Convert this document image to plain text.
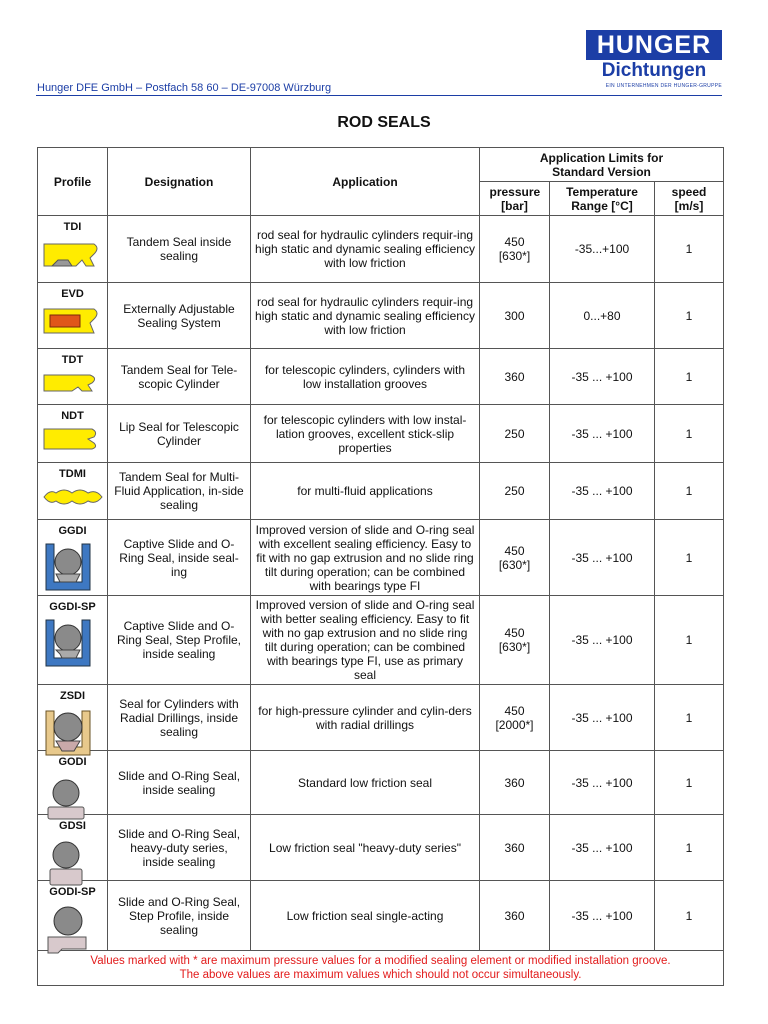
HUNGER
Dichtungen
EIN UNTERNEHMEN DER HUNGER-GRUPPE
Hunger DFE GmbH – Postfach 58 60 – DE-97008 Würzburg
ROD SEALS
Profile	Designation	Application	Application Limits for Standard Version		

			pressure [bar]	Temperature Range [°C]	speed [m/s]

TDI	Tandem Seal inside sealing	rod seal for hydraulic cylinders requir-ing high static and dynamic sealing efficiency with low friction	450 [630*]	-35...+100	1

EVD	Externally Adjustable Sealing System	rod seal for hydraulic cylinders requir-ing high static and dynamic sealing efficiency with low friction	300	0...+80	1

TDT	Tandem Seal for Tele-scopic Cylinder	for telescopic cylinders, cylinders with low installation grooves	360	-35 ... +100	1

NDT	Lip Seal for Telescopic Cylinder	for telescopic cylinders with low instal-lation grooves, excellent stick-slip properties	250	-35 ... +100	1

TDMI	Tandem Seal for Multi-Fluid Application, in-side sealing	for multi-fluid applications	250	-35 ... +100	1

GGDI	Captive Slide and O-Ring Seal, inside seal-ing	Improved version of slide and O-ring seal with excellent sealing efficiency. Easy to fit with no gap extrusion and no slide ring tilt during operation; can be combined with bearings type FI	450 [630*]	-35 ... +100	1

GGDI-SP	Captive Slide and O-Ring Seal, Step Profile, inside sealing	Improved version of slide and O-ring seal with better sealing efficiency. Easy to fit with no gap extrusion and no slide ring tilt during operation; can be combined with bearings type FI, use as primary seal	450 [630*]	-35 ... +100	1

ZSDI	Seal for Cylinders with Radial Drillings, inside sealing	for high-pressure cylinder and cylin-ders with radial drillings	450 [2000*]	-35 ... +100	1

GODI	Slide and O-Ring Seal, inside sealing	Standard low friction seal	360	-35 ... +100	1

GDSI	Slide and O-Ring Seal, heavy-duty series, inside sealing	Low friction seal "heavy-duty series"	360	-35 ... +100	1

GODI-SP	Slide and O-Ring Seal, Step Profile, inside sealing	Low friction seal single-acting	360	-35 ... +100	1

Values marked with * are maximum pressure values for a modified sealing element or modified installation groove.
The above values are maximum values which should not occur simultaneously.					
